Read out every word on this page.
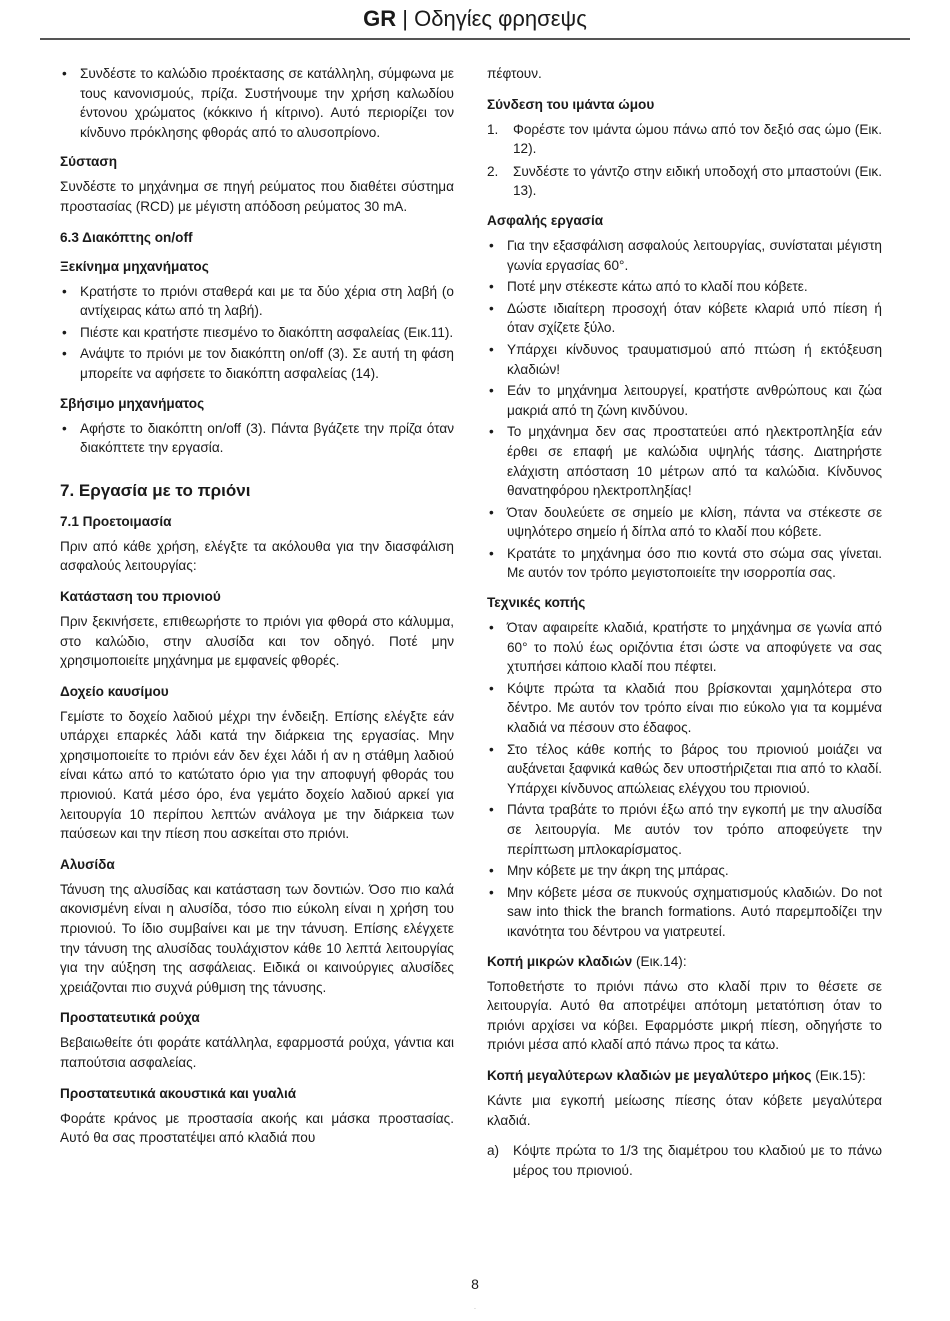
GR | Οδηγίες φρησεψς
• Συνδέστε το καλώδιο προέκτασης σε κατάλληλη, σύμφωνα με τους κανονισμούς, πρίζα. Συστήνουμε την χρήση καλωδίου έντονου χρώματος (κόκκινο ή κίτρινο). Αυτό περιορίζει τον κίνδυνο πρόκλησης φθοράς από το αλυσοπρίονο.
Σύσταση

Συνδέστε το μηχάνημα σε πηγή ρεύματος που διαθέτει σύστημα προστασίας (RCD) με μέγιστη απόδοση ρεύματος 30 mA.

6.3 Διακόπτης on/off
Ξεκίνημα μηχανήματος
• Κρατήστε το πριόνι σταθερά και με τα δύο χέρια στη λαβή (ο αντίχειρας κάτω από τη λαβή).
• Πιέστε και κρατήστε πιεσμένο το διακόπτη ασφαλείας (Εικ.11).
• Ανάψτε το πριόνι με τον διακόπτη on/off (3). Σε αυτή τη φάση μπορείτε να αφήσετε το διακόπτη ασφαλείας (14).
Σβήσιμο μηχανήματος
• Αφήστε το διακόπτη on/off (3). Πάντα βγάζετε την πρίζα όταν διακόπτετε την εργασία.
7. Εργασία με το πριόνι
7.1 Προετοιμασία

Πριν από κάθε χρήση, ελέγξτε τα ακόλουθα για την διασφάλιση ασφαλούς λειτουργίας:

Κατάσταση του πριονιού

Πριν ξεκινήσετε, επιθεωρήστε το πριόνι για φθορά στο κάλυμμα, στο καλώδιο, στην αλυσίδα και τον οδηγό. Ποτέ μην χρησιμοποιείτε μηχάνημα με εμφανείς φθορές.

Δοχείο καυσίμου

Γεμίστε το δοχείο λαδιού μέχρι την ένδειξη. Επίσης ελέγξτε εάν υπάρχει επαρκές λάδι κατά την διάρκεια της εργασίας. Μην χρησιμοποιείτε το πριόνι εάν δεν έχει λάδι ή αν η στάθμη λαδιού είναι κάτω από το κατώτατο όριο για την αποφυγή φθοράς του πριονιού. Κατά μέσο όρο, ένα γεμάτο δοχείο λαδιού αρκεί για λειτουργία 10 περίπου λεπτών ανάλογα με την διάρκεια των παύσεων και την πίεση που ασκείται στο πριόνι.

Αλυσίδα

Τάνυση της αλυσίδας και κατάσταση των δοντιών. Όσο πιο καλά ακονισμένη είναι η αλυσίδα, τόσο πιο εύκολη είναι η χρήση του πριονιού. Το ίδιο συμβαίνει και με την τάνυση. Επίσης ελέγχετε την τάνυση της αλυσίδας τουλάχιστον κάθε 10 λεπτά λειτουργίας για την αύξηση της ασφάλειας. Ειδικά οι καινούργιες αλυσίδες χρειάζονται πιο συχνά ρύθμιση της τάνυσης.

Προστατευτικά ρούχα

Βεβαιωθείτε ότι φοράτε κατάλληλα, εφαρμοστά ρούχα, γάντια και παπούτσια ασφαλείας.

Προστατευτικά ακουστικά και γυαλιά

Φοράτε κράνος με προστασία ακοής και μάσκα προστασίας. Αυτό θα σας προστατέψει από κλαδιά που

πέφτουν.

Σύνδεση του ιμάντα ώμου
1. Φορέστε τον ιμάντα ώμου πάνω από τον δεξιό σας ώμο (Εικ. 12).
2. Συνδέστε το γάντζο στην ειδική υποδοχή στο μπαστούνι (Εικ. 13).
Ασφαλής εργασία
• Για την εξασφάλιση ασφαλούς λειτουργίας, συνίσταται μέγιστη γωνία εργασίας 60°.
• Ποτέ μην στέκεστε κάτω από το κλαδί που κόβετε.
• Δώστε ιδιαίτερη προσοχή όταν κόβετε κλαριά υπό πίεση ή όταν σχίζετε ξύλο.
• Υπάρχει κίνδυνος τραυματισμού από πτώση ή εκτόξευση κλαδιών!
• Εάν το μηχάνημα λειτουργεί, κρατήστε ανθρώπους και ζώα μακριά από τη ζώνη κινδύνου.
• Το μηχάνημα δεν σας προστατεύει από ηλεκτροπληξία εάν έρθει σε επαφή με καλώδια υψηλής τάσης. Διατηρήστε ελάχιστη απόσταση 10 μέτρων από τα καλώδια. Κίνδυνος θανατηφόρου ηλεκτροπληξίας!
• Όταν δουλεύετε σε σημείο με κλίση, πάντα να στέκεστε σε υψηλότερο σημείο ή δίπλα από το κλαδί που κόβετε.
• Κρατάτε το μηχάνημα όσο πιο κοντά στο σώμα σας γίνεται. Με αυτόν τον τρόπο μεγιστοποιείτε την ισορροπία σας.
Τεχνικές κοπής
• Όταν αφαιρείτε κλαδιά, κρατήστε το μηχάνημα σε γωνία από 60° το πολύ έως οριζόντια έτσι ώστε να αποφύγετε να σας χτυπήσει κάποιο κλαδί που πέφτει.
• Κόψτε πρώτα τα κλαδιά που βρίσκονται χαμηλότερα στο δέντρο. Με αυτόν τον τρόπο είναι πιο εύκολο για τα κομμένα κλαδιά να πέσουν στο έδαφος.
• Στο τέλος κάθε κοπής το βάρος του πριονιού μοιάζει να αυξάνεται ξαφνικά καθώς δεν υποστήριζεται πια από το κλαδί. Υπάρχει κίνδυνος απώλειας ελέγχου του πριονιού.
• Πάντα τραβάτε το πριόνι έξω από την εγκοπή με την αλυσίδα σε λειτουργία. Με αυτόν τον τρόπο αποφεύγετε την περίπτωση μπλοκαρίσματος.
• Μην κόβετε με την άκρη της μπάρας.
• Μην κόβετε μέσα σε πυκνούς σχηματισμούς κλαδιών. Do not saw into thick the branch formations. Αυτό παρεμποδίζει την ικανότητα του δέντρου να γιατρευτεί.
Κοπή μικρών κλαδιών (Εικ.14):

Τοποθετήστε το πριόνι πάνω στο κλαδί πριν το θέσετε σε λειτουργία. Αυτό θα αποτρέψει απότομη μετατόπιση όταν το πριόνι αρχίσει να κόβει. Εφαρμόστε μικρή πίεση, οδηγήστε το πριόνι μέσα από κλαδί από πάνω προς τα κάτω.

Κοπή μεγαλύτερων κλαδιών με μεγαλύτερο μήκος (Εικ.15):

Κάντε μια εγκοπή μείωσης πίεσης όταν κόβετε μεγαλύτερα κλαδιά.

a) Κόψτε πρώτα το 1/3 της διαμέτρου του κλαδιού με το πάνω μέρος του πριονιού.
8
.
